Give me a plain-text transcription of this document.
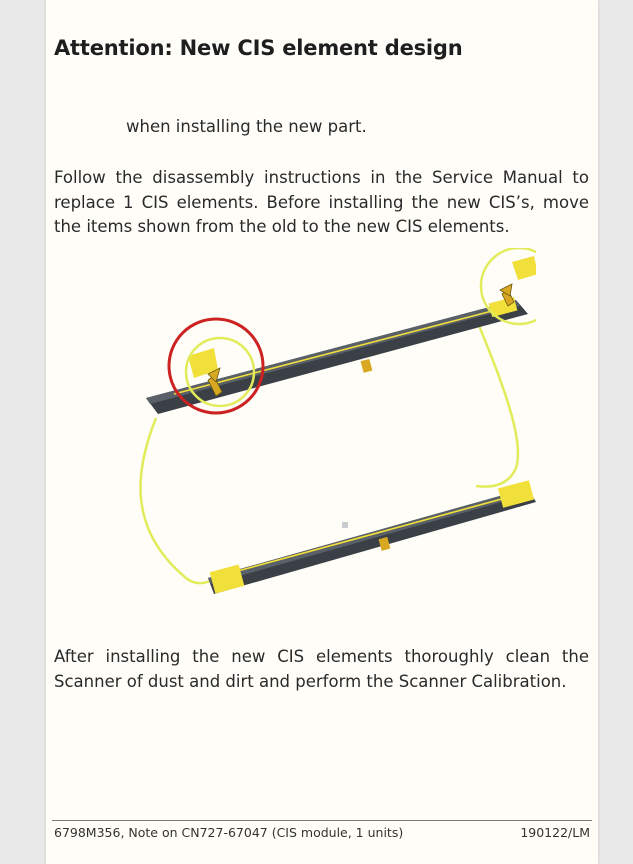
Attention: New CIS element design
when installing the new part.
Follow the disassembly instructions in the Service Manual to replace 1 CIS elements. Before installing the new CIS’s, move the items shown from the old to the new CIS elements.
After installing the new CIS elements thoroughly clean the Scanner of dust and dirt and perform the Scanner Calibration.
6798M356, Note on CN727-67047 (CIS module, 1 units)	190122/LM
